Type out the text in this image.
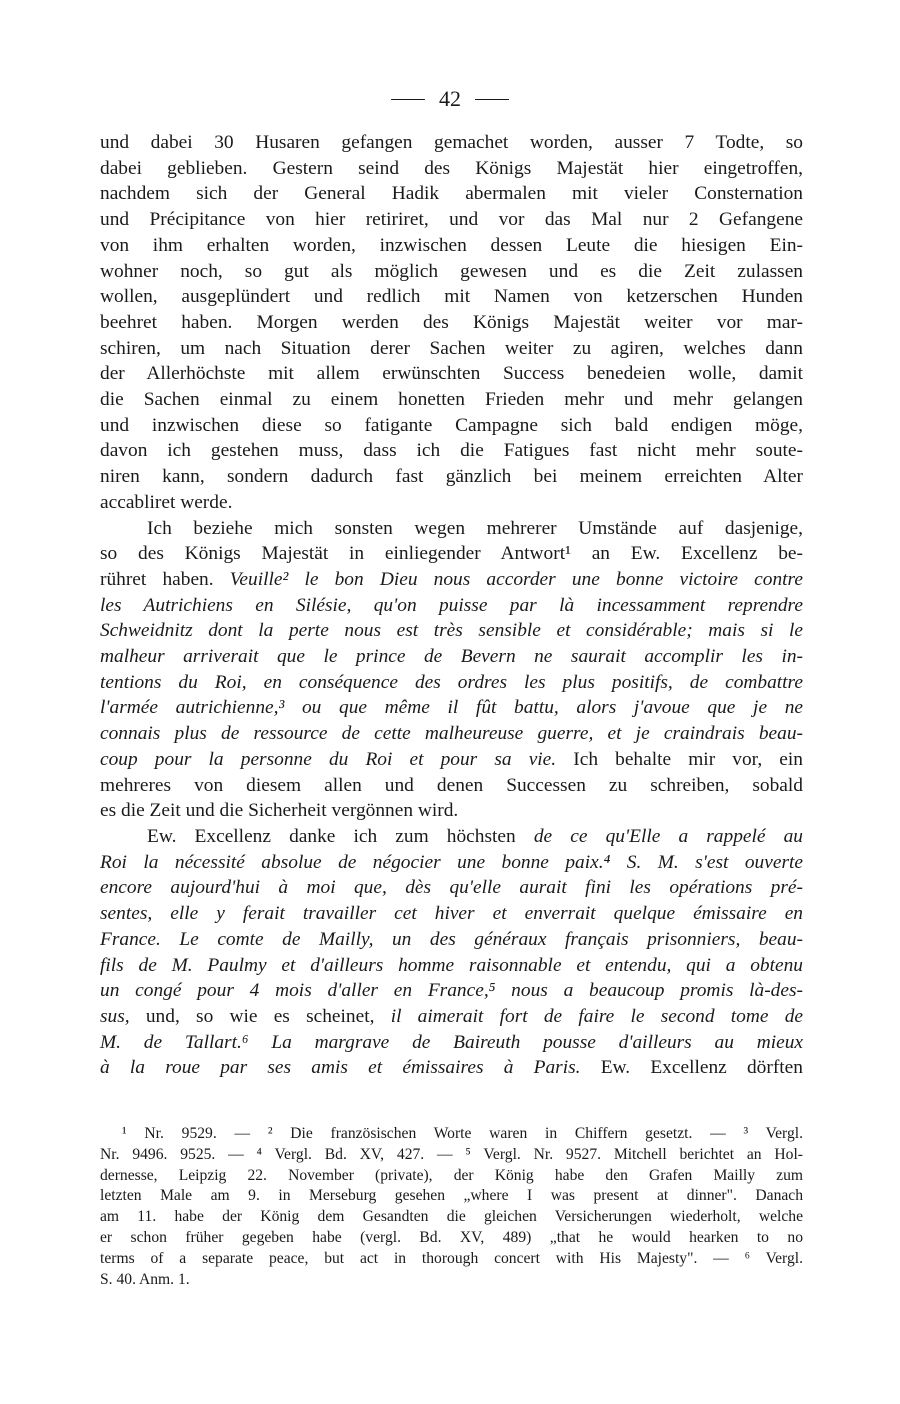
42
und dabei 30 Husaren gefangen gemachet worden, ausser 7 Todte, so
dabei geblieben. Gestern seind des Königs Majestät hier eingetroffen,
nachdem sich der General Hadik abermalen mit vieler Consternation
und Précipitance von hier retiriret, und vor das Mal nur 2 Gefangene
von ihm erhalten worden, inzwischen dessen Leute die hiesigen Ein-
wohner noch, so gut als möglich gewesen und es die Zeit zulassen
wollen, ausgeplündert und redlich mit Namen von ketzerschen Hunden
beehret haben. Morgen werden des Königs Majestät weiter vor mar-
schiren, um nach Situation derer Sachen weiter zu agiren, welches dann
der Allerhöchste mit allem erwünschten Success benedeien wolle, damit
die Sachen einmal zu einem honetten Frieden mehr und mehr gelangen
und inzwischen diese so fatigante Campagne sich bald endigen möge,
davon ich gestehen muss, dass ich die Fatigues fast nicht mehr soute-
niren kann, sondern dadurch fast gänzlich bei meinem erreichten Alter
accabliret werde.
Ich beziehe mich sonsten wegen mehrerer Umstände auf dasjenige,
so des Königs Majestät in einliegender Antwort¹ an Ew. Excellenz be-
rühret haben. Veuille² le bon Dieu nous accorder une bonne victoire contre
les Autrichiens en Silésie, qu'on puisse par là incessamment reprendre
Schweidnitz dont la perte nous est très sensible et considérable; mais si le
malheur arriverait que le prince de Bevern ne saurait accomplir les in-
tentions du Roi, en conséquence des ordres les plus positifs, de combattre
l'armée autrichienne,³ ou que même il fût battu, alors j'avoue que je ne
connais plus de ressource de cette malheureuse guerre, et je craindrais beau-
coup pour la personne du Roi et pour sa vie. Ich behalte mir vor, ein
mehreres von diesem allen und denen Successen zu schreiben, sobald
es die Zeit und die Sicherheit vergönnen wird.
Ew. Excellenz danke ich zum höchsten de ce qu'Elle a rappelé au
Roi la nécessité absolue de négocier une bonne paix.⁴ S. M. s'est ouverte
encore aujourd'hui à moi que, dès qu'elle aurait fini les opérations pré-
sentes, elle y ferait travailler cet hiver et enverrait quelque émissaire en
France. Le comte de Mailly, un des généraux français prisonniers, beau-
fils de M. Paulmy et d'ailleurs homme raisonnable et entendu, qui a obtenu
un congé pour 4 mois d'aller en France,⁵ nous a beaucoup promis là-des-
sus, und, so wie es scheinet, il aimerait fort de faire le second tome de
M. de Tallart.⁶ La margrave de Baireuth pousse d'ailleurs au mieux
à la roue par ses amis et émissaires à Paris. Ew. Excellenz dörften
¹ Nr. 9529. — ² Die französischen Worte waren in Chiffern gesetzt. — ³ Vergl.
Nr. 9496. 9525. — ⁴ Vergl. Bd. XV, 427. — ⁵ Vergl. Nr. 9527. Mitchell berichtet an Hol-
dernesse, Leipzig 22. November (private), der König habe den Grafen Mailly zum
letzten Male am 9. in Merseburg gesehen „where I was present at dinner". Danach
am 11. habe der König dem Gesandten die gleichen Versicherungen wiederholt, welche
er schon früher gegeben habe (vergl. Bd. XV, 489) „that he would hearken to no
terms of a separate peace, but act in thorough concert with His Majesty". — ⁶ Vergl.
S. 40. Anm. 1.
